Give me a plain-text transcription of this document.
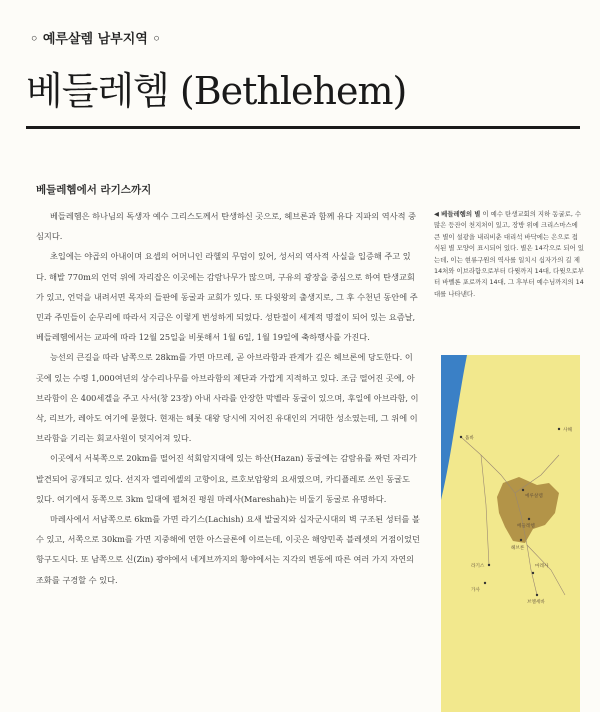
◦ 예루살렘 남부지역 ◦
베들레헴 (Bethlehem)
베들레헴에서 라기스까지

베들레헴은 하나님의 독생자 예수 그리스도께서 탄생하신 곳으로, 헤브론과 함께 유다 지파의 역사적 중심지다.

초입에는 야곱의 아내이며 요셉의 어머니인 라헬의 무덤이 있어, 성서의 역사적 사실을 입증해 주고 있다. 해발 770m의 언덕 위에 자리잡은 이곳에는 감람나무가 많으며, 구유의 광장을 중심으로 하여 탄생교회가 있고, 언덕을 내려서면 목자의 들판에 동굴과 교회가 있다. 또 다윗왕의 출생지로, 그 후 수천년 동안에 주민과 주민들이 순무리에 따라서 지금은 이렇게 번성하게 되었다. 성탄절이 세계적 명절이 되어 있는 요즘날, 베들레헴에서는 교파에 따라 12월 25일을 비롯해서 1월 6일, 1월 19일에 축하행사를 가진다.

능선의 큰길을 따라 남쪽으로 28km를 가면 마므레, 곧 아브라함과 관계가 깊은 헤브론에 당도한다. 이곳에 있는 수령 1,000여년의 상수리나무를 아브라함의 제단과 가깝게 지적하고 있다. 조금 떨어진 곳에, 아브라함이 은 400세겔을 주고 사서(창 23장) 아내 사라를 안장한 막벨라 동굴이 있으며, 후일에 아브라함, 이삭, 리브가, 레아도 여기에 묻혔다. 현재는 헤롯 대왕 당시에 지어진 유대인의 거대한 성소였는데, 그 위에 이브라함을 기리는 회교사원이 덧지어져 있다.

이곳에서 서북쪽으로 20km를 떨어진 석회암지대에 있는 하산(Hazan) 동굴에는 감람유를 짜던 자리가 발견되어 공개되고 있다. 선지자 엘리에셀의 고향이요, 르호보암왕의 요새였으며, 카디플레로 쓰인 동굴도 있다. 여기에서 동쪽으로 3km 일대에 펼쳐진 평원 마레사(Mareshah)는 비둘기 동굴로 유명하다.

마레사에서 서남쪽으로 6km를 가면 라기스(Lachish) 요새 발굴지와 십자군시대의 벽 구조된 성터를 볼 수 있고, 서쪽으로 30km를 가면 지중해에 연한 아스글론에 이르는데, 이곳은 해양민족 블레셋의 거점이었던 항구도시다. 또 남쪽으로 신(Zin) 광야에서 네게브까지의 황야에서는 지각의 변동에 따른 여러 가지 자연의 조화를 구경할 수 있다.

◀ 베들레헴의 별 이 예수 탄생교회의 지하 동굴로, 수많은 등잔이 천지처이 있고, 장방 위에 크리스마스에 큰 별이 설광을 내리비춘 대리석 바닥에는 은으로 접식된 별 모양이 표시되어 있다. 별은 14각으로 되어 있는데, 이는 현류구원의 역사를 일치시 십자가의 길 제 14처와 이브라함으로부터 다윗까지 14대, 다윗으로부터 바벨론 포로까지 14대, 그 후부터 예수님까지의 14대를 나타낸다.
욥바
사해
예루살렘
베들레헴
헤브론
라기스	마레사
가사
브엘세바
